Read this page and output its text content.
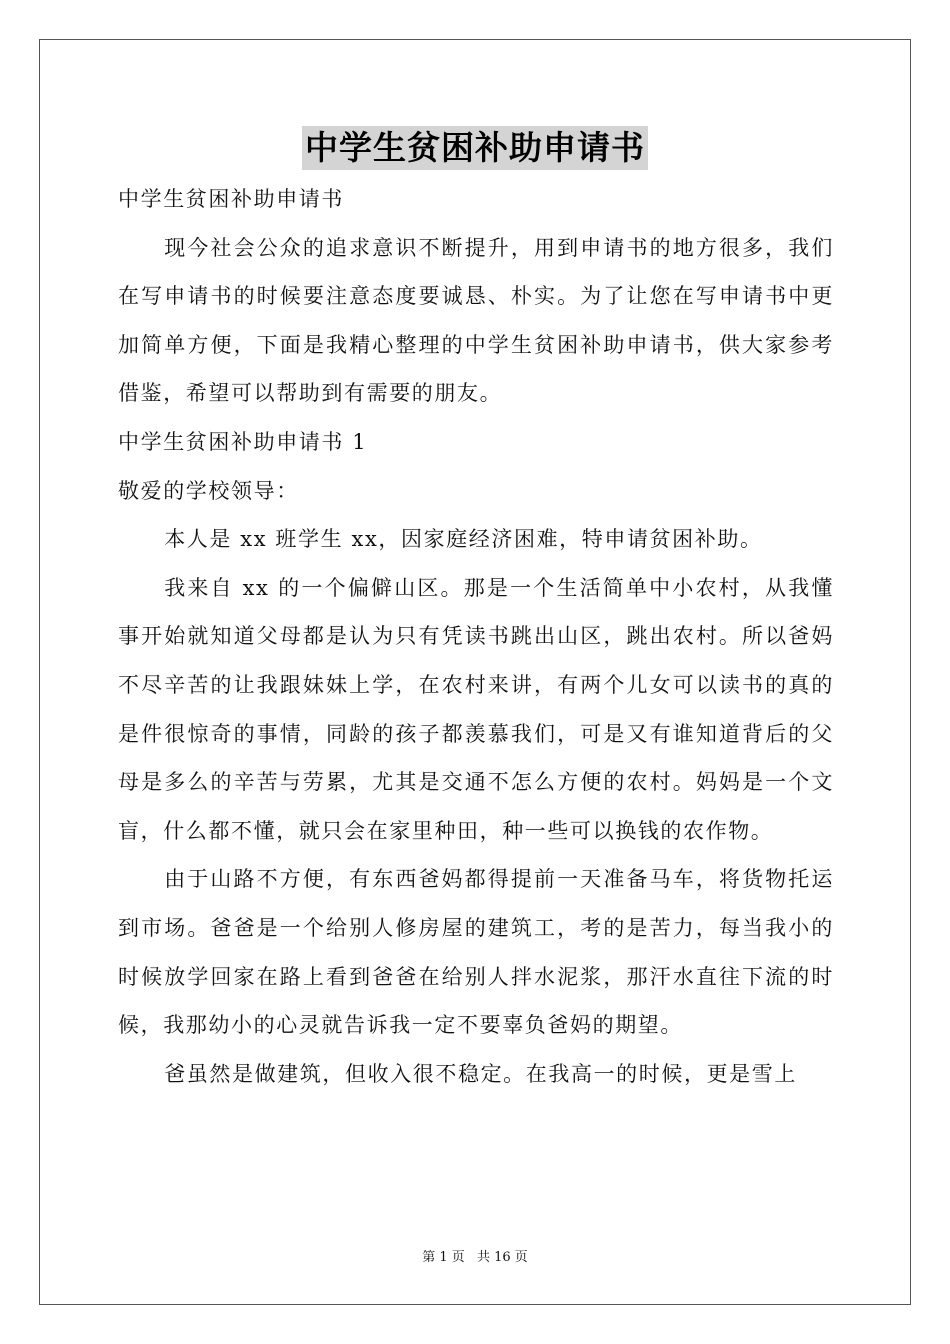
中学生贫困补助申请书

中学生贫困补助申请书

现今社会公众的追求意识不断提升，用到申请书的地方很多，我们在写申请书的时候要注意态度要诚恳、朴实。为了让您在写申请书中更加简单方便，下面是我精心整理的中学生贫困补助申请书，供大家参考借鉴，希望可以帮助到有需要的朋友。

中学生贫困补助申请书 1

敬爱的学校领导：

本人是 xx 班学生 xx，因家庭经济困难，特申请贫困补助。

我来自 xx 的一个偏僻山区。那是一个生活简单中小农村，从我懂事开始就知道父母都是认为只有凭读书跳出山区，跳出农村。所以爸妈不尽辛苦的让我跟妹妹上学，在农村来讲，有两个儿女可以读书的真的是件很惊奇的事情，同龄的孩子都羡慕我们，可是又有谁知道背后的父母是多么的辛苦与劳累，尤其是交通不怎么方便的农村。妈妈是一个文盲，什么都不懂，就只会在家里种田，种一些可以换钱的农作物。

由于山路不方便，有东西爸妈都得提前一天准备马车，将货物托运到市场。爸爸是一个给别人修房屋的建筑工，考的是苦力，每当我小的时候放学回家在路上看到爸爸在给别人拌水泥浆，那汗水直往下流的时候，我那幼小的心灵就告诉我一定不要辜负爸妈的期望。

爸虽然是做建筑，但收入很不稳定。在我高一的时候，更是雪上

第 1 页 共 16 页
